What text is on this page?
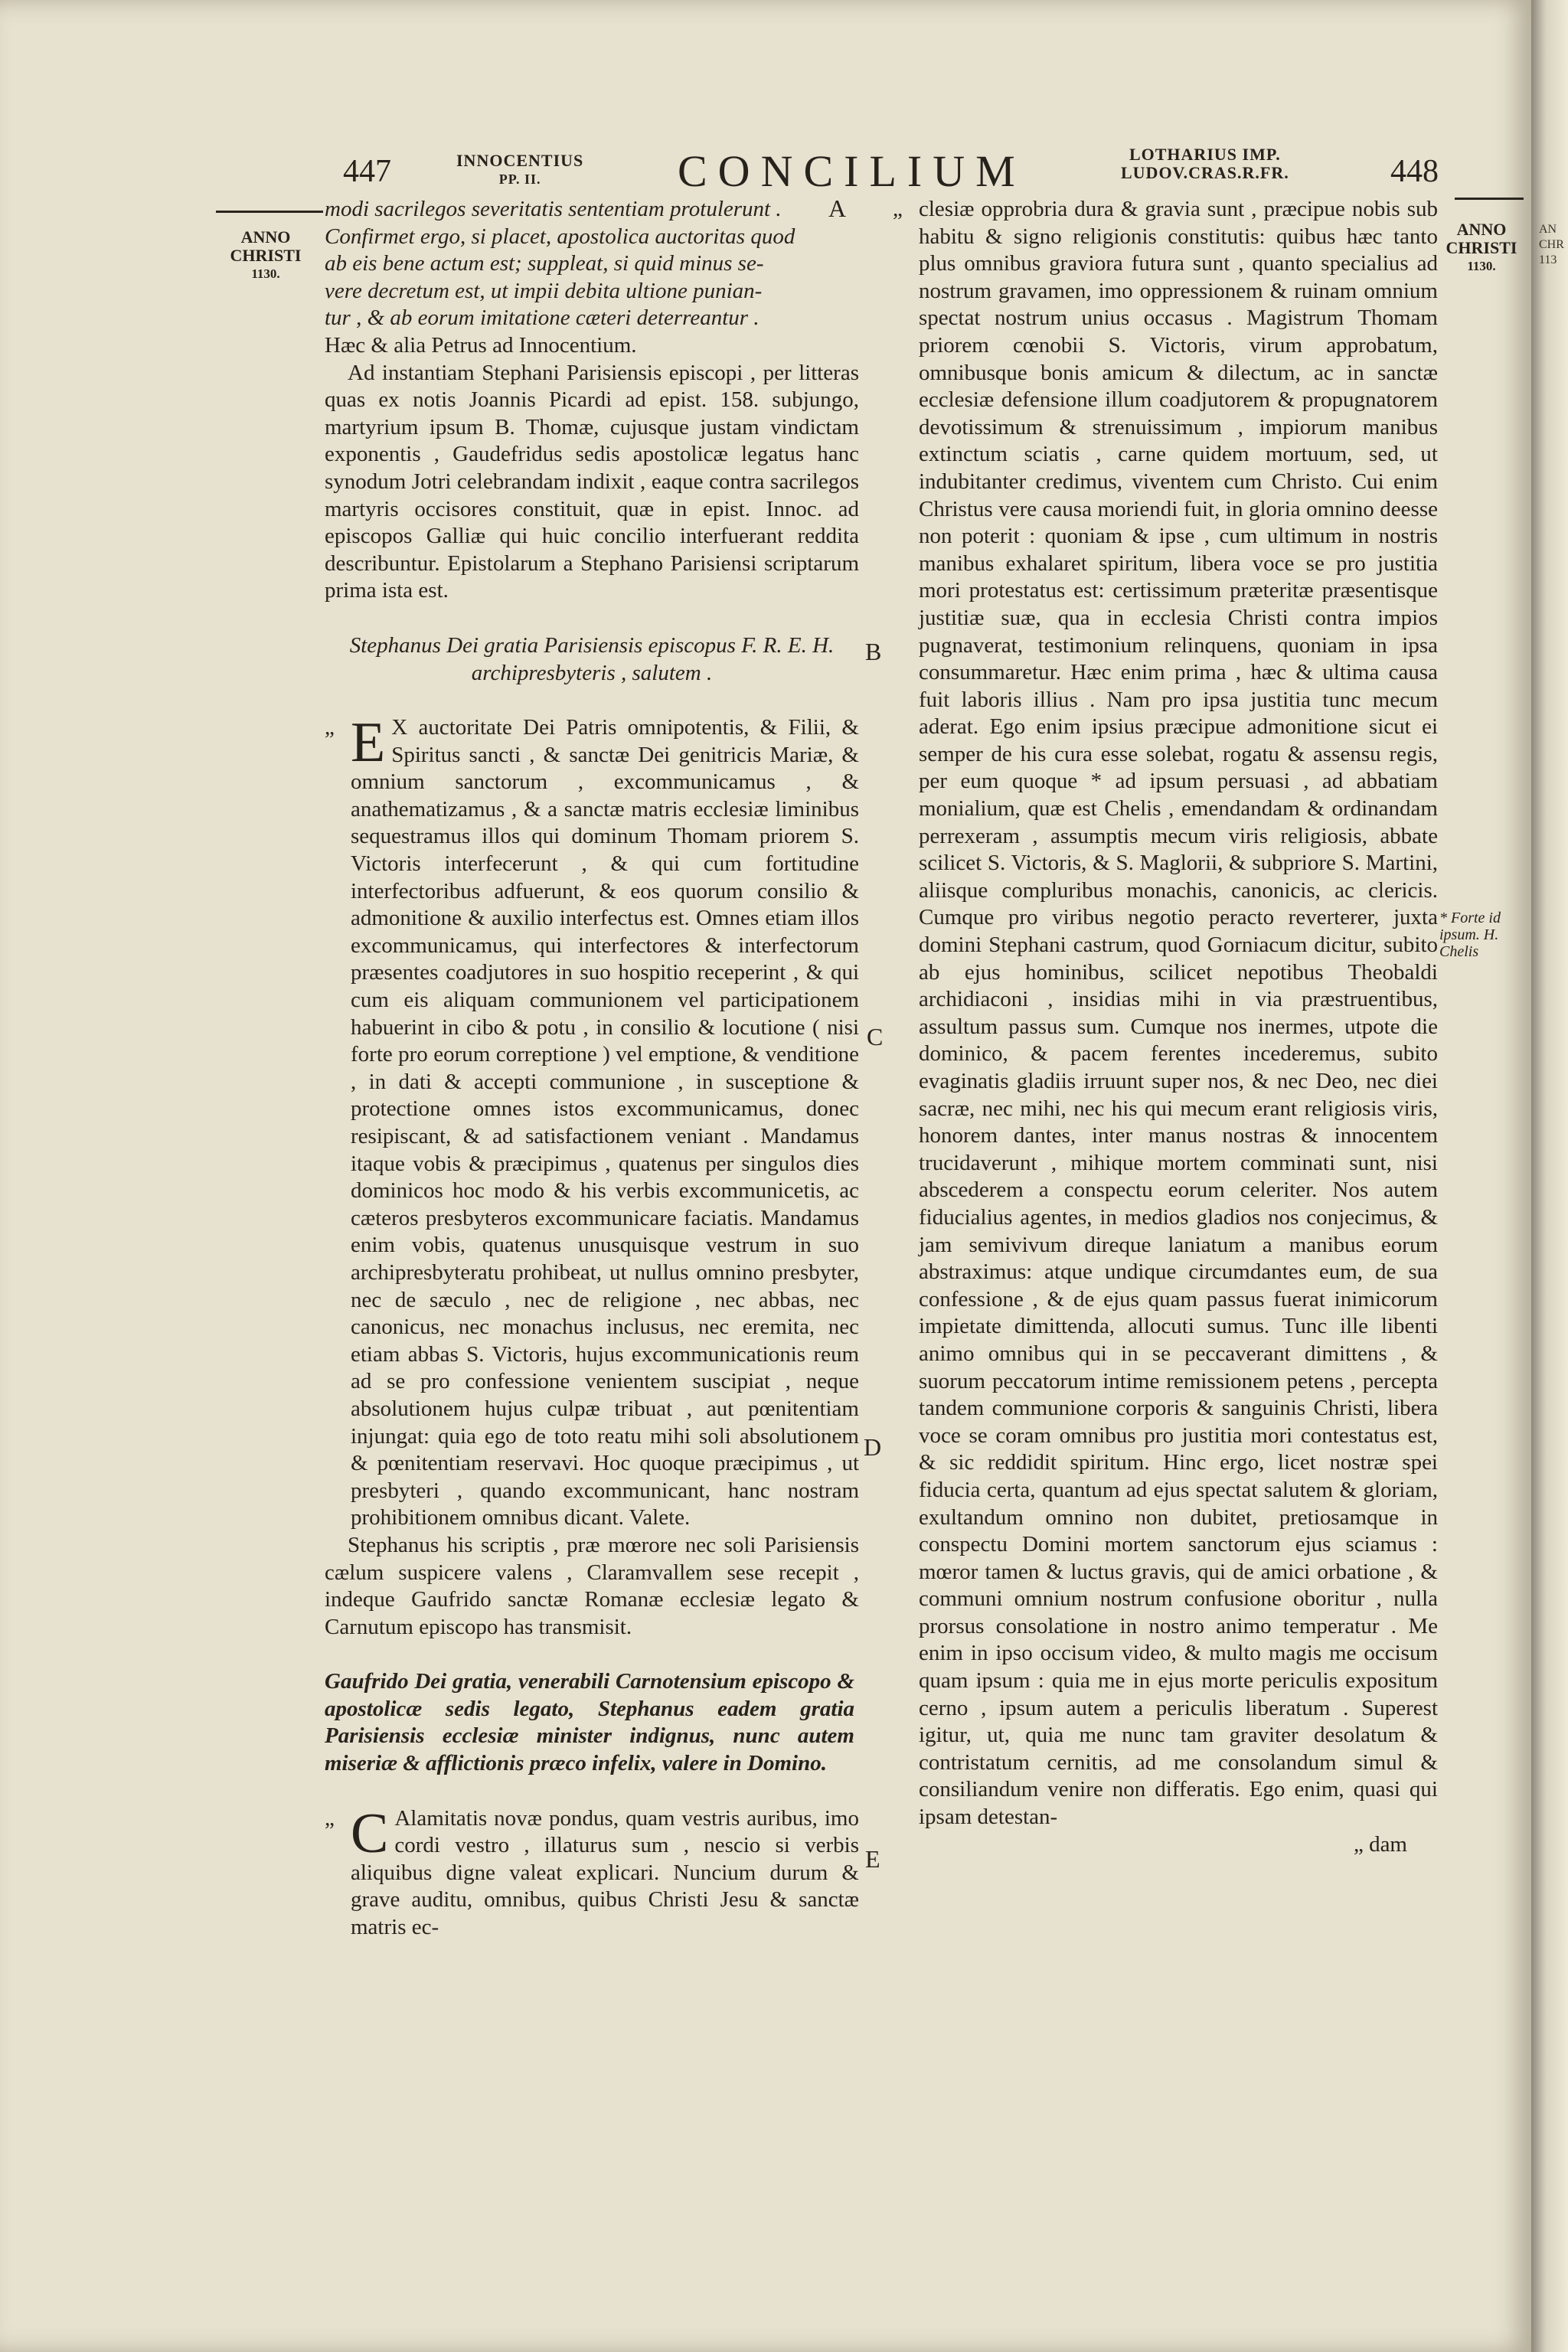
AN
CHR
113
447	INNOCENTIUS
PP. II.	CONCILIUM	LOTHARIUS IMP.
LUDOV.CRAS.R.FR.	448
ANNO
CHRISTI
1130.
ANNO
CHRISTI
1130.
* Forte id
ipsum. H.
Chelis
A
B
C
D
E

modi sacrilegos severitatis sententiam protulerunt .

Confirmet ergo, si placet, apostolica auctoritas quod

ab eis bene actum est; suppleat, si quid minus se-

vere decretum est, ut impii debita ultione punian-

tur , & ab eorum imitatione cæteri deterreantur .

Hæc & alia Petrus ad Innocentium.

Ad instantiam Stephani Parisiensis episcopi , per litteras quas ex notis Joannis Picardi ad epist. 158. subjungo, martyrium ipsum B. Thomæ, cujusque justam vindictam exponentis , Gaudefridus sedis apostolicæ legatus hanc synodum Jotri celebrandam indixit , eaque contra sacrilegos martyris occisores constituit, quæ in epist. Innoc. ad episcopos Galliæ qui huic concilio interfuerant reddita describuntur. Epistolarum a Stephano Parisiensi scriptarum prima ista est.

Stephanus Dei gratia Parisiensis episcopus F. R. E. H. archipresbyteris , salutem .

„ E X auctoritate Dei Patris omnipotentis, & Filii, & Spiritus sancti , & sanctæ Dei genitricis Mariæ, & omnium sanctorum , excommunicamus , & anathematizamus , & a sanctæ matris ecclesiæ liminibus sequestramus illos qui dominum Thomam priorem S. Victoris interfecerunt , & qui cum fortitudine interfectoribus adfuerunt, & eos quorum consilio & admonitione & auxilio interfectus est. Omnes etiam illos excommunicamus, qui interfectores & interfectorum præsentes coadjutores in suo hospitio receperint , & qui cum eis aliquam communionem vel participationem habuerint in cibo & potu , in consilio & locutione ( nisi forte pro eorum correptione ) vel emptione, & venditione , in dati & accepti communione , in susceptione & protectione omnes istos excommunicamus, donec resipiscant, & ad satisfactionem veniant . Mandamus itaque vobis & præcipimus , quatenus per singulos dies dominicos hoc modo & his verbis excommunicetis, ac cæteros presbyteros excommunicare faciatis. Mandamus enim vobis, quatenus unusquisque vestrum in suo archipresbyteratu prohibeat, ut nullus omnino presbyter, nec de sæculo , nec de religione , nec abbas, nec canonicus, nec monachus inclusus, nec eremita, nec etiam abbas S. Victoris, hujus excommunicationis reum ad se pro confessione venientem suscipiat , neque absolutionem hujus culpæ tribuat , aut pœnitentiam injungat: quia ego de toto reatu mihi soli absolutionem & pœnitentiam reservavi. Hoc quoque præcipimus , ut presbyteri , quando excommunicant, hanc nostram prohibitionem omnibus dicant. Valete.

Stephanus his scriptis , præ mœrore nec soli Parisiensis cælum suspicere valens , Claramvallem sese recepit , indeque Gaufrido sanctæ Romanæ ecclesiæ legato & Carnutum episcopo has transmisit.

Gaufrido Dei gratia, venerabili Carnotensium episcopo & apostolicæ sedis legato, Stephanus eadem gratia Parisiensis ecclesiæ minister indignus, nunc autem miseriæ & afflictionis præco infelix, valere in Domino.

„ C Alamitatis novæ pondus, quam vestris auribus, imo cordi vestro , illaturus sum , nescio si verbis aliquibus digne valeat explicari. Nuncium durum & grave auditu, omnibus, quibus Christi Jesu & sanctæ matris ec-

„ clesiæ opprobria dura & gravia sunt , præcipue nobis sub habitu & signo religionis constitutis: quibus hæc tanto plus omnibus graviora futura sunt , quanto specialius ad nostrum gravamen, imo oppressionem & ruinam omnium spectat nostrum unius occasus . Magistrum Thomam priorem cœnobii S. Victoris, virum approbatum, omnibusque bonis amicum & dilectum, ac in sanctæ ecclesiæ defensione illum coadjutorem & propugnatorem devotissimum & strenuissimum , impiorum manibus extinctum sciatis , carne quidem mortuum, sed, ut indubitanter credimus, viventem cum Christo. Cui enim Christus vere causa moriendi fuit, in gloria omnino deesse non poterit : quoniam & ipse , cum ultimum in nostris manibus exhalaret spiritum, libera voce se pro justitia mori protestatus est: certissimum præteritæ præsentisque justitiæ suæ, qua in ecclesia Christi contra impios pugnaverat, testimonium relinquens, quoniam in ipsa consummaretur. Hæc enim prima , hæc & ultima causa fuit laboris illius . Nam pro ipsa justitia tunc mecum aderat. Ego enim ipsius præcipue admonitione sicut ei semper de his cura esse solebat, rogatu & assensu regis, per eum quoque * ad ipsum persuasi , ad abbatiam monialium, quæ est Chelis , emendandam & ordinandam perrexeram , assumptis mecum viris religiosis, abbate scilicet S. Victoris, & S. Maglorii, & subpriore S. Martini, aliisque compluribus monachis, canonicis, ac clericis. Cumque pro viribus negotio peracto reverterer, juxta domini Stephani castrum, quod Gorniacum dicitur, subito ab ejus hominibus, scilicet nepotibus Theobaldi archidiaconi , insidias mihi in via præstruentibus, assultum passus sum. Cumque nos inermes, utpote die dominico, & pacem ferentes incederemus, subito evaginatis gladiis irruunt super nos, & nec Deo, nec diei sacræ, nec mihi, nec his qui mecum erant religiosis viris, honorem dantes, inter manus nostras & innocentem trucidaverunt , mihique mortem comminati sunt, nisi abscederem a conspectu eorum celeriter. Nos autem fiducialius agentes, in medios gladios nos conjecimus, & jam semivivum direque laniatum a manibus eorum abstraximus: atque undique circumdantes eum, de sua confessione , & de ejus quam passus fuerat inimicorum impietate dimittenda, allocuti sumus. Tunc ille libenti animo omnibus qui in se peccaverant dimittens , & suorum peccatorum intime remissionem petens , percepta tandem communione corporis & sanguinis Christi, libera voce se coram omnibus pro justitia mori contestatus est, & sic reddidit spiritum. Hinc ergo, licet nostræ spei fiducia certa, quantum ad ejus spectat salutem & gloriam, exultandum omnino non dubitet, pretiosamque in conspectu Domini mortem sanctorum ejus sciamus : mœror tamen & luctus gravis, qui de amici orbatione , & communi omnium nostrum confusione oboritur , nulla prorsus consolatione in nostro animo temperatur . Me enim in ipso occisum video, & multo magis me occisum quam ipsum : quia me in ejus morte periculis expositum cerno , ipsum autem a periculis liberatum . Superest igitur, ut, quia me nunc tam graviter desolatum & contristatum cernitis, ad me consolandum simul & consiliandum venire non differatis. Ego enim, quasi qui ipsam detestan-
„ dam
